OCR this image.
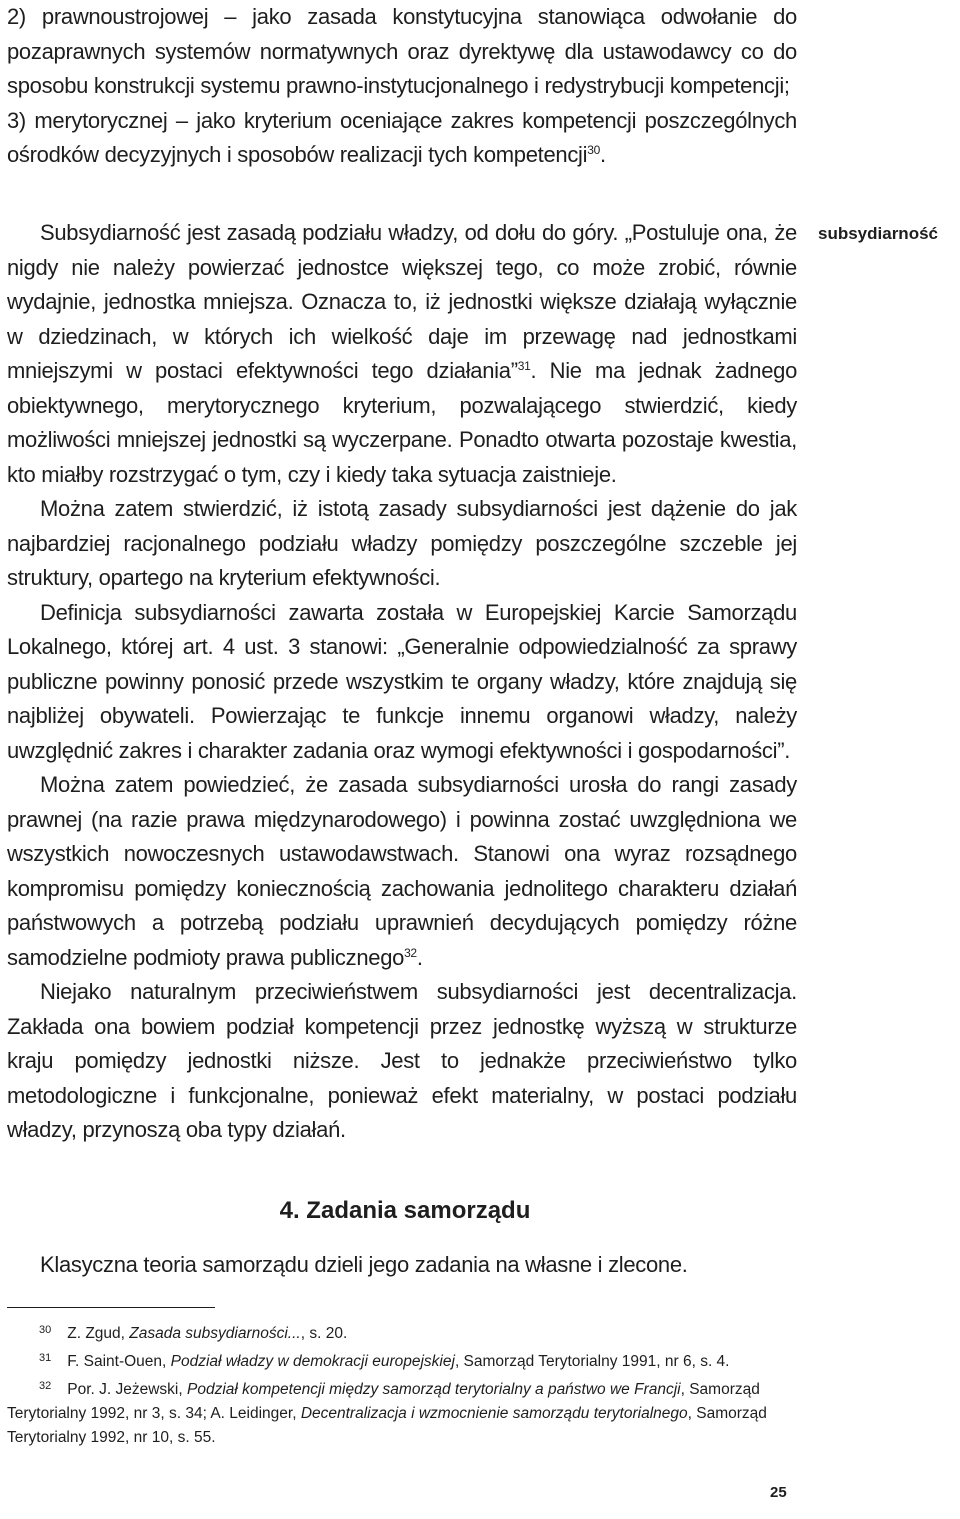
2) prawnoustrojowej – jako zasada konstytucyjna stanowiąca odwołanie do pozaprawnych systemów normatywnych oraz dyrektywę dla ustawodawcy co do sposobu konstrukcji systemu prawno-instytucjonalnego i redystrybucji kompetencji;

3) merytorycznej – jako kryterium oceniające zakres kompetencji poszczególnych ośrodków decyzyjnych i sposobów realizacji tych kompetencji$^{30}$.

subsydiarność

Subsydiarność jest zasadą podziału władzy, od dołu do góry. „Postuluje ona, że nigdy nie należy powierzać jednostce większej tego, co może zrobić, równie wydajnie, jednostka mniejsza. Oznacza to, iż jednostki większe działają wyłącznie w dziedzinach, w których ich wielkość daje im przewagę nad jednostkami mniejszymi w postaci efektywności tego działania”$^{31}$. Nie ma jednak żadnego obiektywnego, merytorycznego kryterium, pozwalającego stwierdzić, kiedy możliwości mniejszej jednostki są wyczerpane. Ponadto otwarta pozostaje kwestia, kto miałby rozstrzygać o tym, czy i kiedy taka sytuacja zaistnieje.

Można zatem stwierdzić, iż istotą zasady subsydiarności jest dążenie do jak najbardziej racjonalnego podziału władzy pomiędzy poszczególne szczeble jej struktury, opartego na kryterium efektywności.

Definicja subsydiarności zawarta została w Europejskiej Karcie Samorządu Lokalnego, której art. 4 ust. 3 stanowi: „Generalnie odpowiedzialność za sprawy publiczne powinny ponosić przede wszystkim te organy władzy, które znajdują się najbliżej obywateli. Powierzając te funkcje innemu organowi władzy, należy uwzględnić zakres i charakter zadania oraz wymogi efektywności i gospodarności”.

Można zatem powiedzieć, że zasada subsydiarności urosła do rangi zasady prawnej (na razie prawa międzynarodowego) i powinna zostać uwzględniona we wszystkich nowoczesnych ustawodawstwach. Stanowi ona wyraz rozsądnego kompromisu pomiędzy koniecznością zachowania jednolitego charakteru działań państwowych a potrzebą podziału uprawnień decydujących pomiędzy różne samodzielne podmioty prawa publicznego$^{32}$.

Niejako naturalnym przeciwieństwem subsydiarności jest decentralizacja. Zakłada ona bowiem podział kompetencji przez jednostkę wyższą w strukturze kraju pomiędzy jednostki niższe. Jest to jednakże przeciwieństwo tylko metodologiczne i funkcjonalne, ponieważ efekt materialny, w postaci podziału władzy, przynoszą oba typy działań.

4. Zadania samorządu
Klasyczna teoria samorządu dzieli jego zadania na własne i zlecone.

$^{30}$ Z. Zgud, Zasada subsydiarności..., s. 20.

$^{31}$ F. Saint-Ouen, Podział władzy w demokracji europejskiej, Samorząd Terytorialny 1991, nr 6, s. 4.

$^{32}$ Por. J. Jeżewski, Podział kompetencji między samorząd terytorialny a państwo we Francji, Samorząd Terytorialny 1992, nr 3, s. 34; A. Leidinger, Decentralizacja i wzmocnienie samorządu terytorialnego, Samorząd Terytorialny 1992, nr 10, s. 55.

25
